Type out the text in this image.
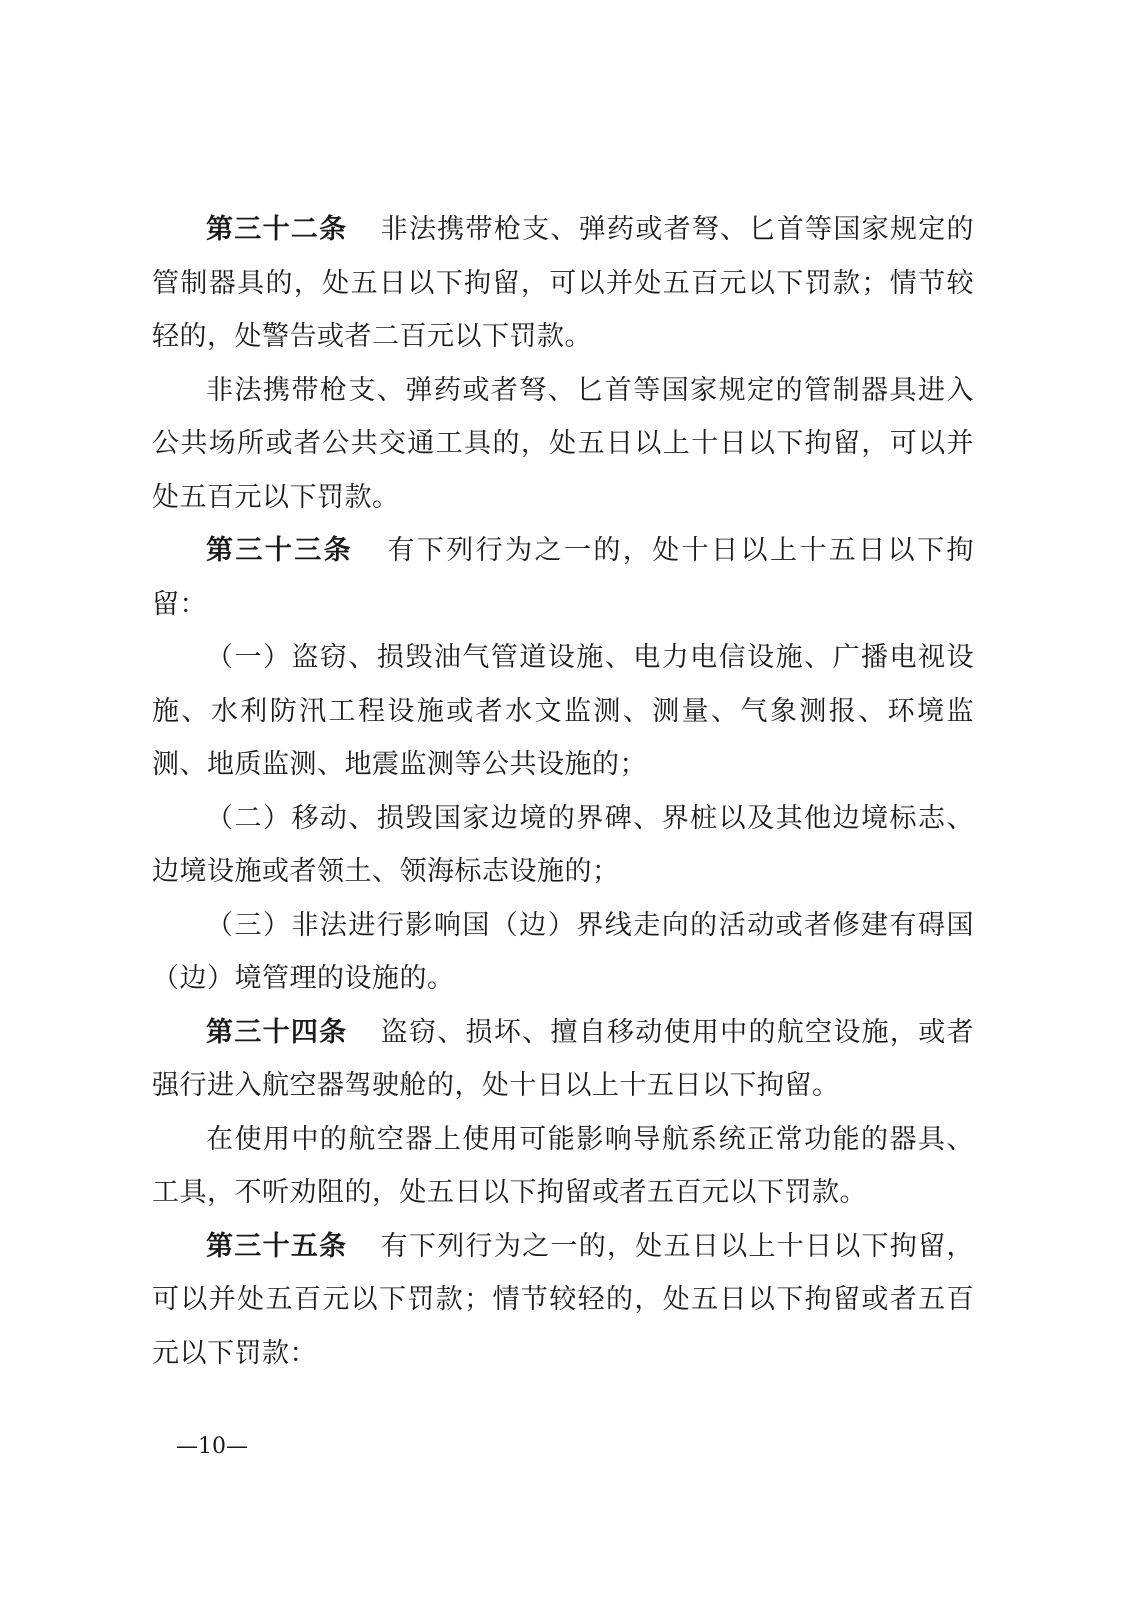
第三十二条 非法携带枪支、弹药或者弩、匕首等国家规定的管制器具的，处五日以下拘留，可以并处五百元以下罚款；情节较轻的，处警告或者二百元以下罚款。

非法携带枪支、弹药或者弩、匕首等国家规定的管制器具进入公共场所或者公共交通工具的，处五日以上十日以下拘留，可以并处五百元以下罚款。

第三十三条 有下列行为之一的，处十日以上十五日以下拘留：

（一）盗窃、损毁油气管道设施、电力电信设施、广播电视设施、水利防汛工程设施或者水文监测、测量、气象测报、环境监测、地质监测、地震监测等公共设施的；

（二）移动、损毁国家边境的界碑、界桩以及其他边境标志、边境设施或者领土、领海标志设施的；

（三）非法进行影响国（边）界线走向的活动或者修建有碍国（边）境管理的设施的。

第三十四条 盗窃、损坏、擅自移动使用中的航空设施，或者强行进入航空器驾驶舱的，处十日以上十五日以下拘留。

在使用中的航空器上使用可能影响导航系统正常功能的器具、工具，不听劝阻的，处五日以下拘留或者五百元以下罚款。

第三十五条 有下列行为之一的，处五日以上十日以下拘留，可以并处五百元以下罚款；情节较轻的，处五日以下拘留或者五百元以下罚款：

—10—
